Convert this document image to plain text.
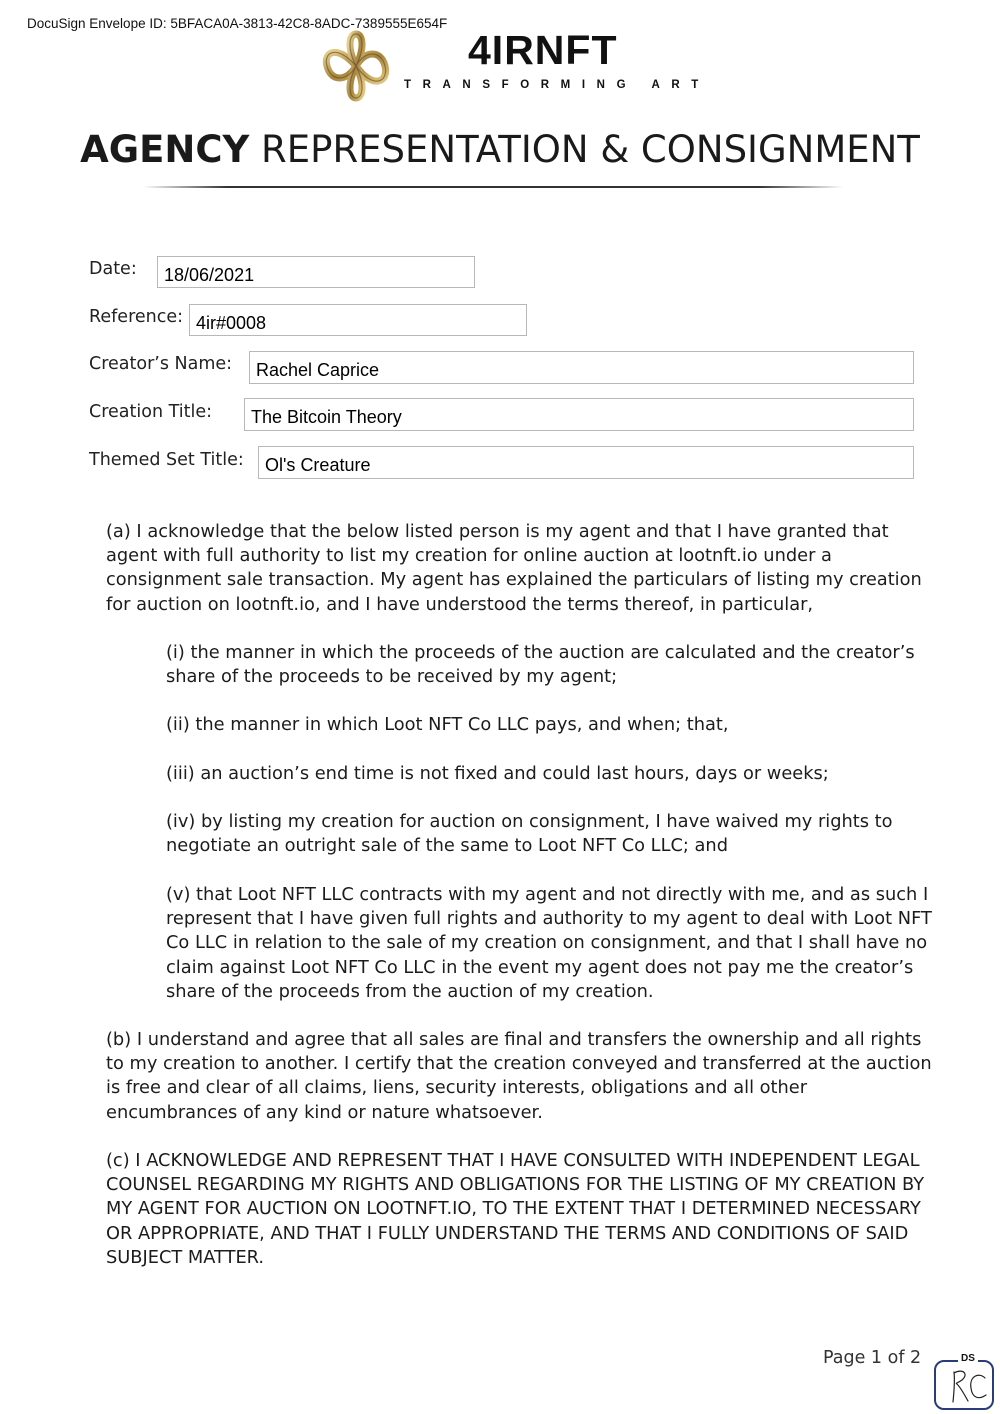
DocuSign Envelope ID: 5BFACA0A-3813-42C8-8ADC-7389555E654F
4IRNFT
TRANSFORMING ART
AGENCY REPRESENTATION & CONSIGNMENT
Date:	18/06/2021
Reference: 4ir#0008
Creator’s Name:	Rachel Caprice
Creation Title:	The Bitcoin Theory
Themed Set Title:	Ol's Creature

(a) I acknowledge that the below listed person is my agent and that I have granted that agent with full authority to list my creation for online auction at lootnft.io under a consignment sale transaction. My agent has explained the particulars of listing my creation for auction on lootnft.io, and I have understood the terms thereof, in particular,

(i) the manner in which the proceeds of the auction are calculated and the creator’s share of the proceeds to be received by my agent;

(ii) the manner in which Loot NFT Co LLC pays, and when; that,

(iii) an auction’s end time is not fixed and could last hours, days or weeks;

(iv) by listing my creation for auction on consignment, I have waived my rights to negotiate an outright sale of the same to Loot NFT Co LLC; and

(v) that Loot NFT LLC contracts with my agent and not directly with me, and as such I represent that I have given full rights and authority to my agent to deal with Loot NFT Co LLC in relation to the sale of my creation on consignment, and that I shall have no claim against Loot NFT Co LLC in the event my agent does not pay me the creator’s share of the proceeds from the auction of my creation.

(b) I understand and agree that all sales are final and transfers the ownership and all rights to my creation to another. I certify that the creation conveyed and transferred at the auction is free and clear of all claims, liens, security interests, obligations and all other encumbrances of any kind or nature whatsoever.

(c) I ACKNOWLEDGE AND REPRESENT THAT I HAVE CONSULTED WITH INDEPENDENT LEGAL COUNSEL REGARDING MY RIGHTS AND OBLIGATIONS FOR THE LISTING OF MY CREATION BY MY AGENT FOR AUCTION ON LOOTNFT.IO, TO THE EXTENT THAT I DETERMINED NECESSARY OR APPROPRIATE, AND THAT I FULLY UNDERSTAND THE TERMS AND CONDITIONS OF SAID SUBJECT MATTER.

Page 1 of 2	DS
